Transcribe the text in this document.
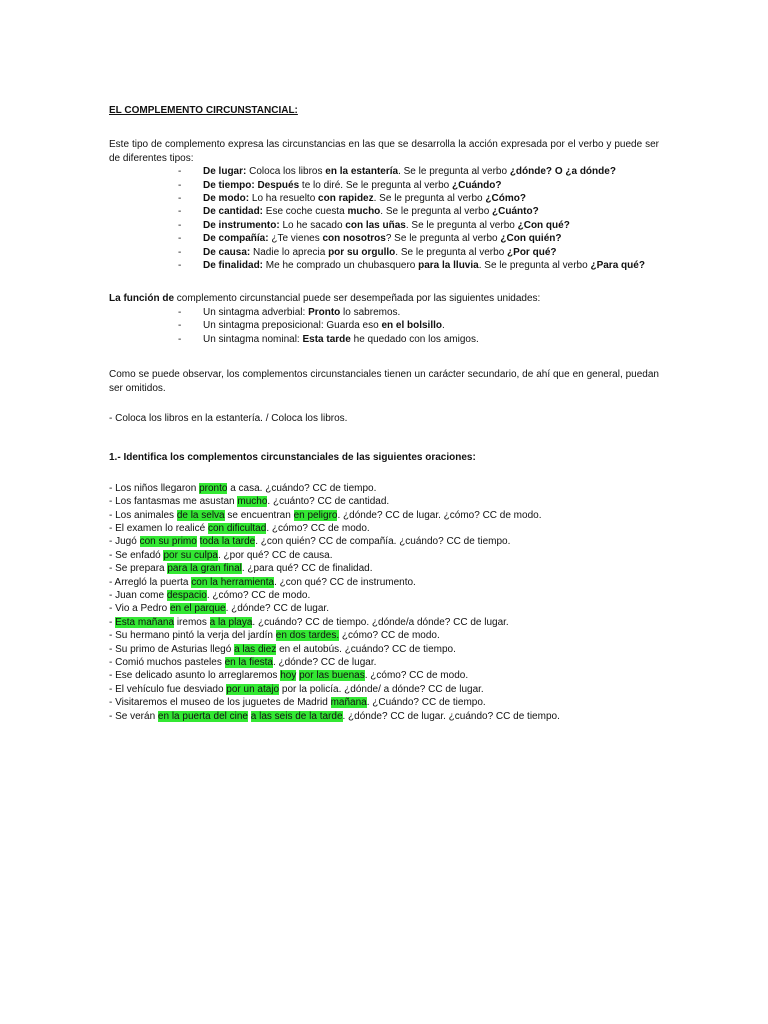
EL COMPLEMENTO CIRCUNSTANCIAL:

Este tipo de complemento expresa las circunstancias en las que se desarrolla la acción expresada por el verbo y puede ser de diferentes tipos:

- De lugar: Coloca los libros en la estantería. Se le pregunta al verbo ¿dónde? O ¿a dónde?
- De tiempo: Después te lo diré. Se le pregunta al verbo ¿Cuándo?
- De modo: Lo ha resuelto con rapidez. Se le pregunta al verbo ¿Cómo?
- De cantidad: Ese coche cuesta mucho. Se le pregunta al verbo ¿Cuánto?
- De instrumento: Lo he sacado con las uñas. Se le pregunta al verbo ¿Con qué?
- De compañía: ¿Te vienes con nosotros? Se le pregunta al verbo ¿Con quién?
- De causa: Nadie lo aprecia por su orgullo. Se le pregunta al verbo ¿Por qué?
- De finalidad: Me he comprado un chubasquero para la lluvia. Se le pregunta al verbo ¿Para qué?

La función de complemento circunstancial puede ser desempeñada por las siguientes unidades:

- Un sintagma adverbial: Pronto lo sabremos.
- Un sintagma preposicional: Guarda eso en el bolsillo.
- Un sintagma nominal: Esta tarde he quedado con los amigos.

Como se puede observar, los complementos circunstanciales tienen un carácter secundario, de ahí que en general, puedan ser omitidos.

- Coloca los libros en la estantería. / Coloca los libros.

1.- Identifica los complementos circunstanciales de las siguientes oraciones:

- Los niños llegaron pronto a casa. ¿cuándo? CC de tiempo.

- Los fantasmas me asustan mucho. ¿cuánto? CC de cantidad.

- Los animales de la selva se encuentran en peligro. ¿dónde? CC de lugar. ¿cómo? CC de modo.

- El examen lo realicé con dificultad. ¿cómo? CC de modo.

- Jugó con su primo toda la tarde. ¿con quién? CC de compañía. ¿cuándo? CC de tiempo.

- Se enfadó por su culpa. ¿por qué? CC de causa.

- Se prepara para la gran final. ¿para qué? CC de finalidad.

- Arregló la puerta con la herramienta. ¿con qué? CC de instrumento.

- Juan come despacio. ¿cómo? CC de modo.

- Vio a Pedro en el parque. ¿dónde? CC de lugar.

- Esta mañana iremos a la playa. ¿cuándo? CC de tiempo. ¿dónde/a dónde? CC de lugar.

- Su hermano pintó la verja del jardín en dos tardes. ¿cómo? CC de modo.

- Su primo de Asturias llegó a las diez en el autobús. ¿cuándo? CC de tiempo.

- Comió muchos pasteles en la fiesta. ¿dónde? CC de lugar.

- Ese delicado asunto lo arreglaremos hoy por las buenas. ¿cómo? CC de modo.

- El vehículo fue desviado por un atajo por la policía. ¿dónde/ a dónde? CC de lugar.

- Visitaremos el museo de los juguetes de Madrid mañana. ¿Cuándo? CC de tiempo.

- Se verán en la puerta del cine a las seis de la tarde. ¿dónde? CC de lugar. ¿cuándo? CC de tiempo.
